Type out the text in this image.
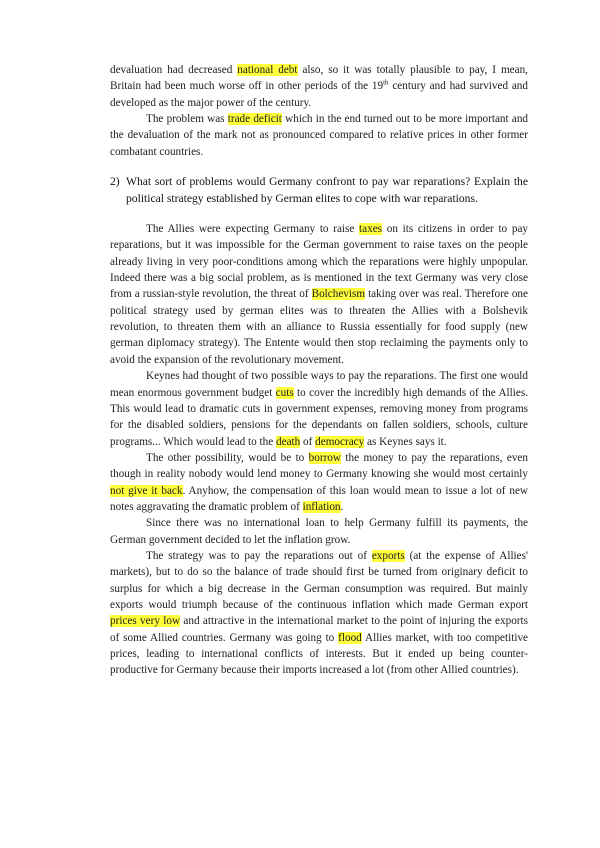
devaluation had decreased national debt also, so it was totally plausible to pay, I mean, Britain had been much worse off in other periods of the 19th century and had survived and developed as the major power of the century.

The problem was trade deficit which in the end turned out to be more important and the devaluation of the mark not as pronounced compared to relative prices in other former combatant countries.

2) What sort of problems would Germany confront to pay war reparations? Explain the political strategy established by German elites to cope with war reparations.

The Allies were expecting Germany to raise taxes on its citizens in order to pay reparations, but it was impossible for the German government to raise taxes on the people already living in very poor-conditions among which the reparations were highly unpopular. Indeed there was a big social problem, as is mentioned in the text Germany was very close from a russian-style revolution, the threat of Bolchevism taking over was real. Therefore one political strategy used by german elites was to threaten the Allies with a Bolshevik revolution, to threaten them with an alliance to Russia essentially for food supply (new german diplomacy strategy). The Entente would then stop reclaiming the payments only to avoid the expansion of the revolutionary movement.

Keynes had thought of two possible ways to pay the reparations. The first one would mean enormous government budget cuts to cover the incredibly high demands of the Allies. This would lead to dramatic cuts in government expenses, removing money from programs for the disabled soldiers, pensions for the dependants on fallen soldiers, schools, culture programs... Which would lead to the death of democracy as Keynes says it.

The other possibility, would be to borrow the money to pay the reparations, even though in reality nobody would lend money to Germany knowing she would most certainly not give it back. Anyhow, the compensation of this loan would mean to issue a lot of new notes aggravating the dramatic problem of inflation.

Since there was no international loan to help Germany fulfill its payments, the German government decided to let the inflation grow.

The strategy was to pay the reparations out of exports (at the expense of Allies' markets), but to do so the balance of trade should first be turned from originary deficit to surplus for which a big decrease in the German consumption was required. But mainly exports would triumph because of the continuous inflation which made German export prices very low and attractive in the international market to the point of injuring the exports of some Allied countries. Germany was going to flood Allies market, with too competitive prices, leading to international conflicts of interests. But it ended up being counter-productive for Germany because their imports increased a lot (from other Allied countries).
